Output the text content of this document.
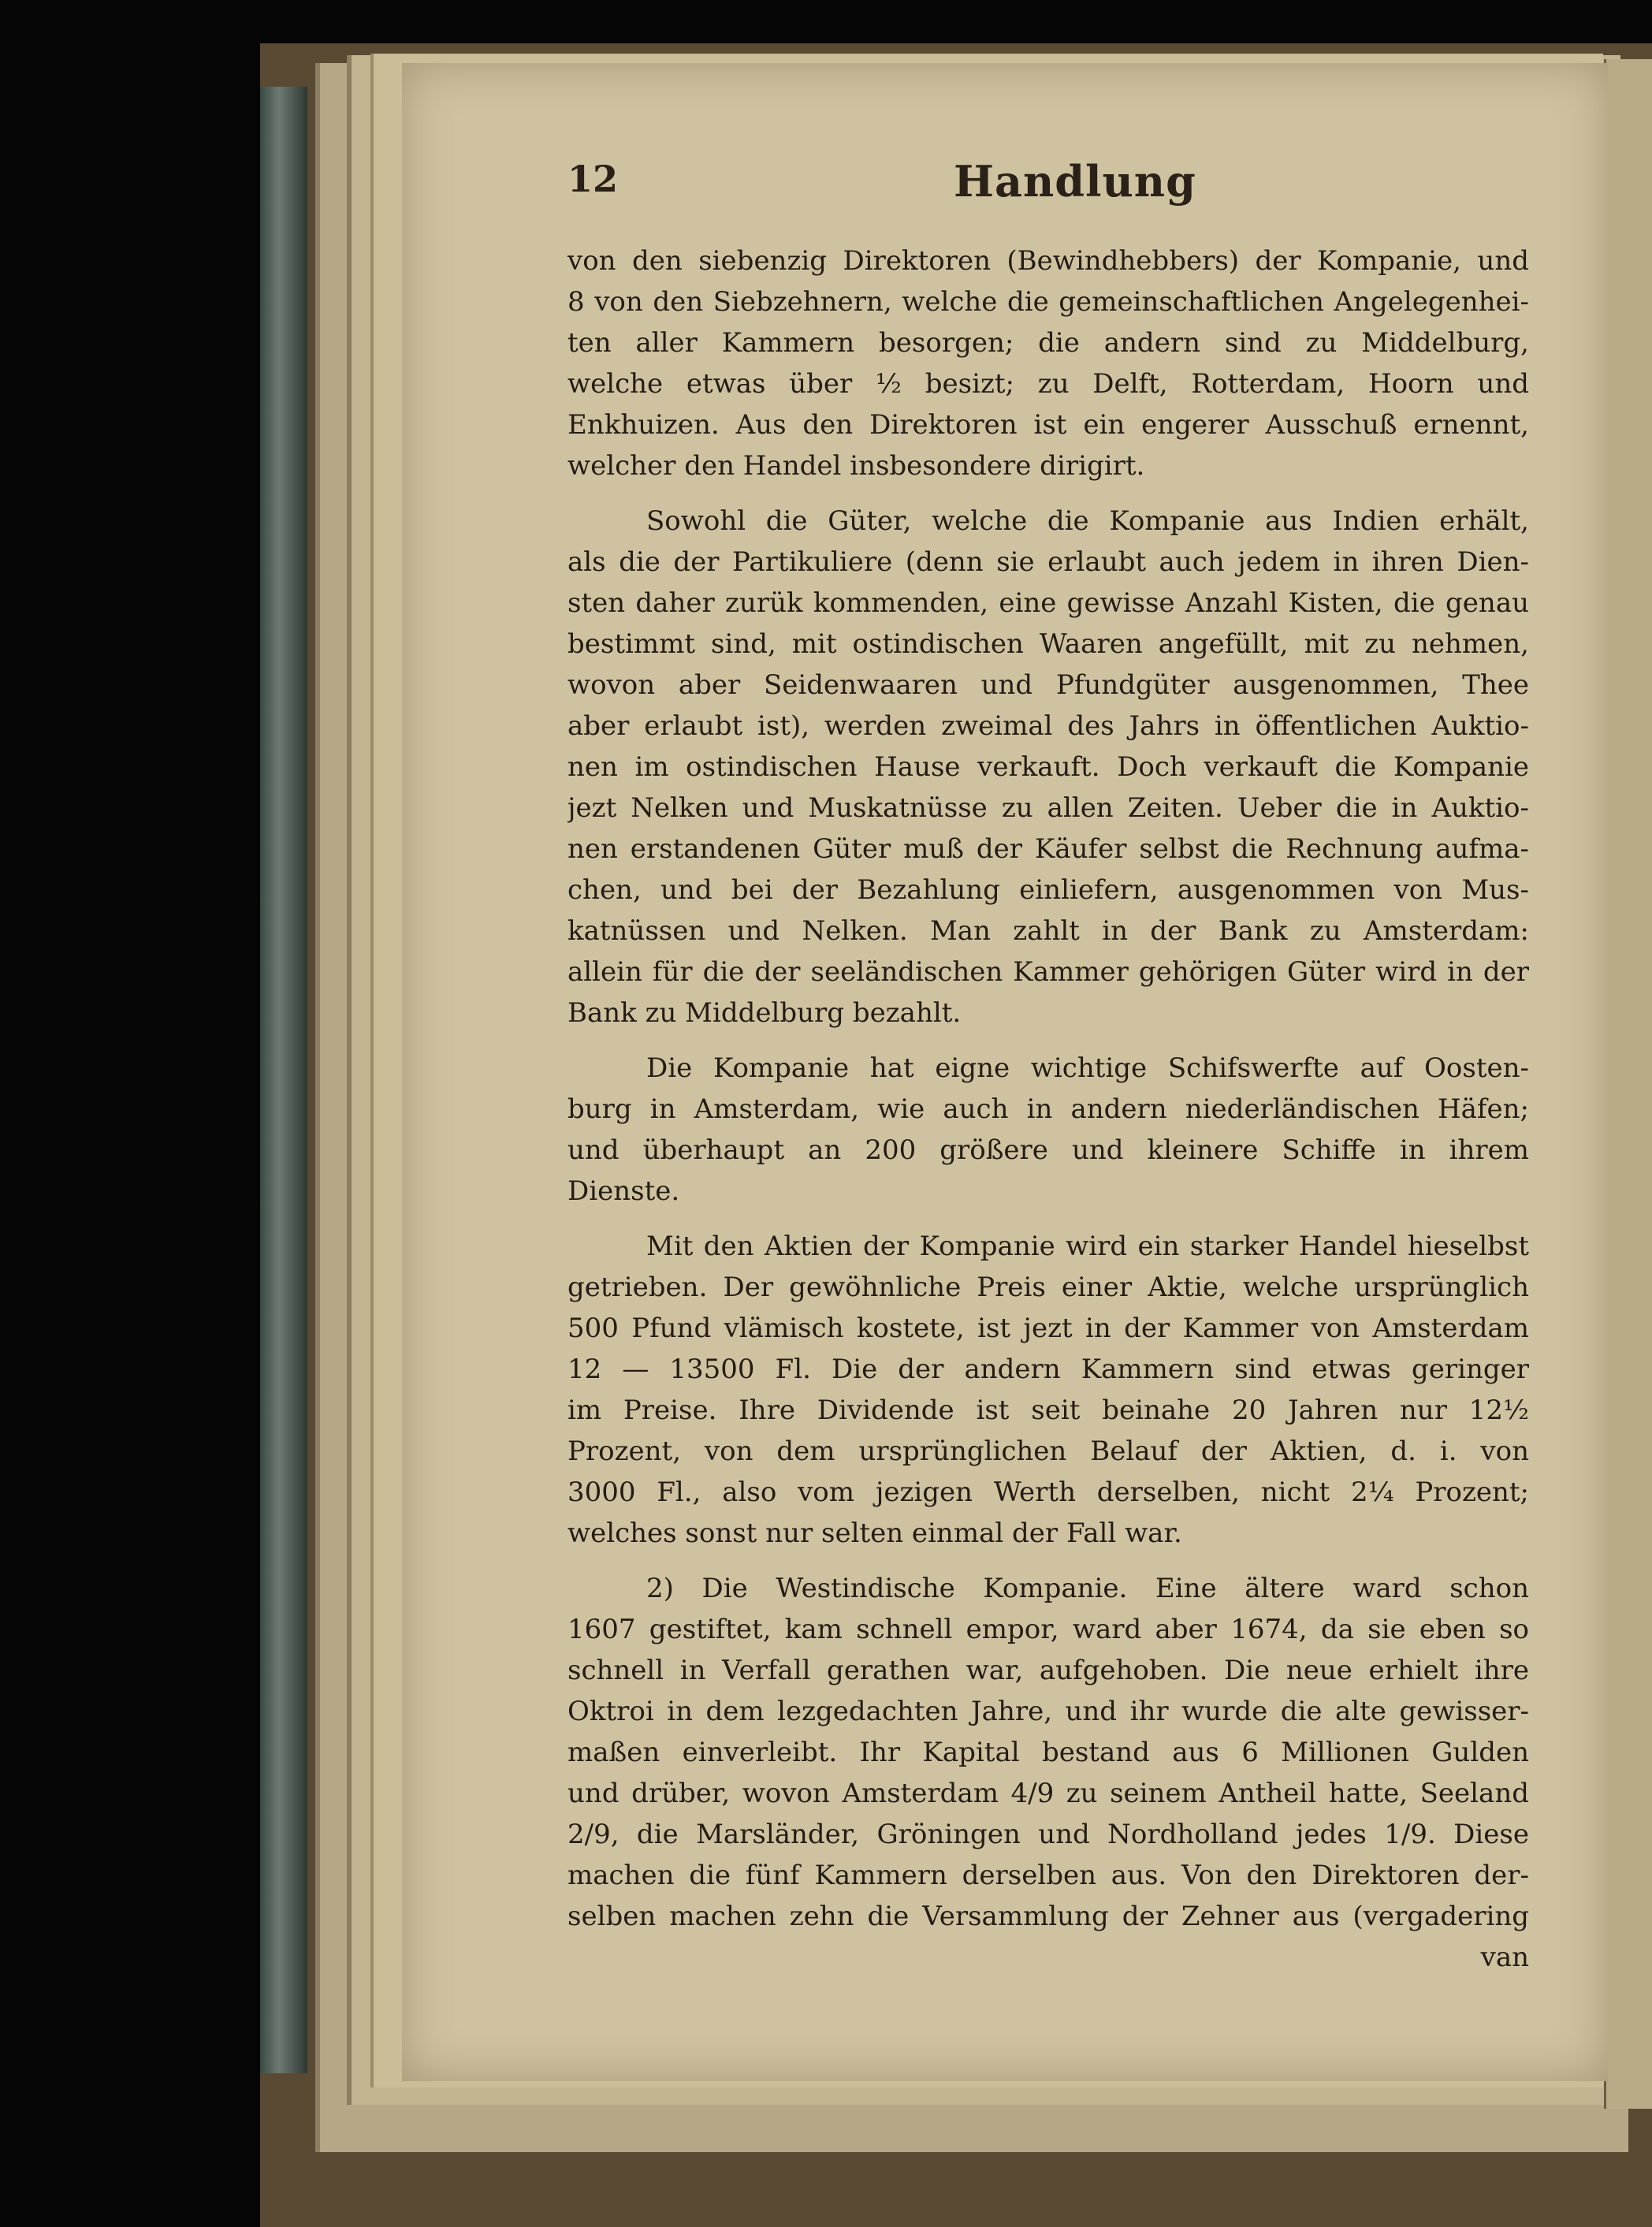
12	Handlung
von den siebenzig Direktoren (Bewindhebbers) der Kompanie, und
8 von den Siebzehnern, welche die gemeinschaftlichen Angelegenhei-
ten aller Kammern besorgen; die andern sind zu Middelburg,
welche etwas über ½ besizt; zu Delft, Rotterdam, Hoorn und
Enkhuizen. Aus den Direktoren ist ein engerer Ausschuß ernennt,
welcher den Handel insbesondere dirigirt.
Sowohl die Güter, welche die Kompanie aus Indien erhält,
als die der Partikuliere (denn sie erlaubt auch jedem in ihren Dien-
sten daher zurük kommenden, eine gewisse Anzahl Kisten, die genau
bestimmt sind, mit ostindischen Waaren angefüllt, mit zu nehmen,
wovon aber Seidenwaaren und Pfundgüter ausgenommen, Thee
aber erlaubt ist), werden zweimal des Jahrs in öffentlichen Auktio-
nen im ostindischen Hause verkauft. Doch verkauft die Kompanie
jezt Nelken und Muskatnüsse zu allen Zeiten. Ueber die in Auktio-
nen erstandenen Güter muß der Käufer selbst die Rechnung aufma-
chen, und bei der Bezahlung einliefern, ausgenommen von Mus-
katnüssen und Nelken. Man zahlt in der Bank zu Amsterdam:
allein für die der seeländischen Kammer gehörigen Güter wird in der
Bank zu Middelburg bezahlt.
Die Kompanie hat eigne wichtige Schifswerfte auf Oosten-
burg in Amsterdam, wie auch in andern niederländischen Häfen;
und überhaupt an 200 größere und kleinere Schiffe in ihrem
Dienste.
Mit den Aktien der Kompanie wird ein starker Handel hieselbst
getrieben. Der gewöhnliche Preis einer Aktie, welche ursprünglich
500 Pfund vlämisch kostete, ist jezt in der Kammer von Amsterdam
12 — 13500 Fl. Die der andern Kammern sind etwas geringer
im Preise. Ihre Dividende ist seit beinahe 20 Jahren nur 12½
Prozent, von dem ursprünglichen Belauf der Aktien, d. i. von
3000 Fl., also vom jezigen Werth derselben, nicht 2¼ Prozent;
welches sonst nur selten einmal der Fall war.
2) Die Westindische Kompanie. Eine ältere ward schon
1607 gestiftet, kam schnell empor, ward aber 1674, da sie eben so
schnell in Verfall gerathen war, aufgehoben. Die neue erhielt ihre
Oktroi in dem lezgedachten Jahre, und ihr wurde die alte gewisser-
maßen einverleibt. Ihr Kapital bestand aus 6 Millionen Gulden
und drüber, wovon Amsterdam 4/9 zu seinem Antheil hatte, Seeland
2/9, die Marsländer, Gröningen und Nordholland jedes 1/9. Diese
machen die fünf Kammern derselben aus. Von den Direktoren der-
selben machen zehn die Versammlung der Zehner aus (vergadering
van
